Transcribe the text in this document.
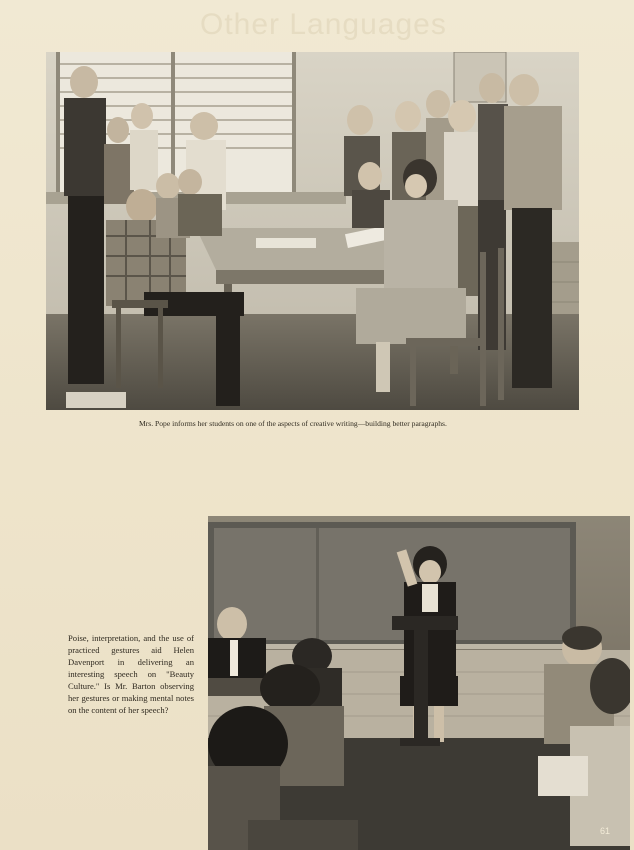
Other Languages
Mrs. Pope informs her students on one of the aspects of creative writing—building better paragraphs.
Poise, interpretation, and the use of practiced gestures aid Helen Davenport in delivering an interesting speech on "Beauty Culture." Is Mr. Barton observing her gestures or making mental notes on the content of her speech?
61
